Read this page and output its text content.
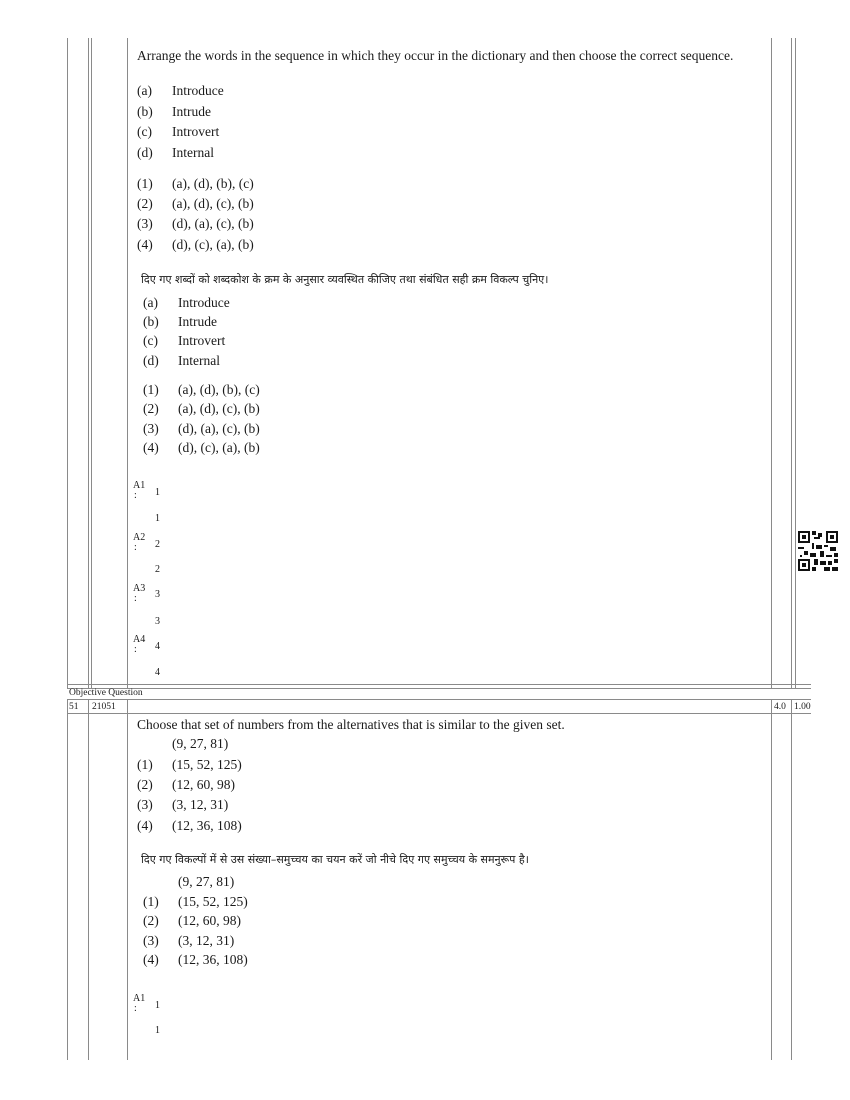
Arrange the words in the sequence in which they occur in the dictionary and then choose the correct sequence.
(a) Introduce
(b) Intrude
(c) Introvert
(d) Internal
(1) (a), (d), (b), (c)
(2) (a), (d), (c), (b)
(3) (d), (a), (c), (b)
(4) (d), (c), (a), (b)
दिए गए शब्दों को शब्दकोश के क्रम के अनुसार व्यवस्थित कीजिए तथा संबंधित सही क्रम विकल्प चुनिए।
(a) Introduce
(b) Intrude
(c) Introvert
(d) Internal
(1) (a), (d), (b), (c)
(2) (a), (d), (c), (b)
(3) (d), (a), (c), (b)
(4) (d), (c), (a), (b)
A1
: 1
1
A2
: 2
2
A3
: 3
3
A4
: 4
4
Objective Question
51 21051	4.0 1.00
Choose that set of numbers from the alternatives that is similar to the given set.
(9, 27, 81)
(1) (15, 52, 125)
(2) (12, 60, 98)
(3) (3, 12, 31)
(4) (12, 36, 108)
दिए गए विकल्पों में से उस संख्या–समुच्चय का चयन करें जो नीचे दिए गए समुच्चय के समनुरूप है।
(9, 27, 81)
(1) (15, 52, 125)
(2) (12, 60, 98)
(3) (3, 12, 31)
(4) (12, 36, 108)
A1
: 1
1
